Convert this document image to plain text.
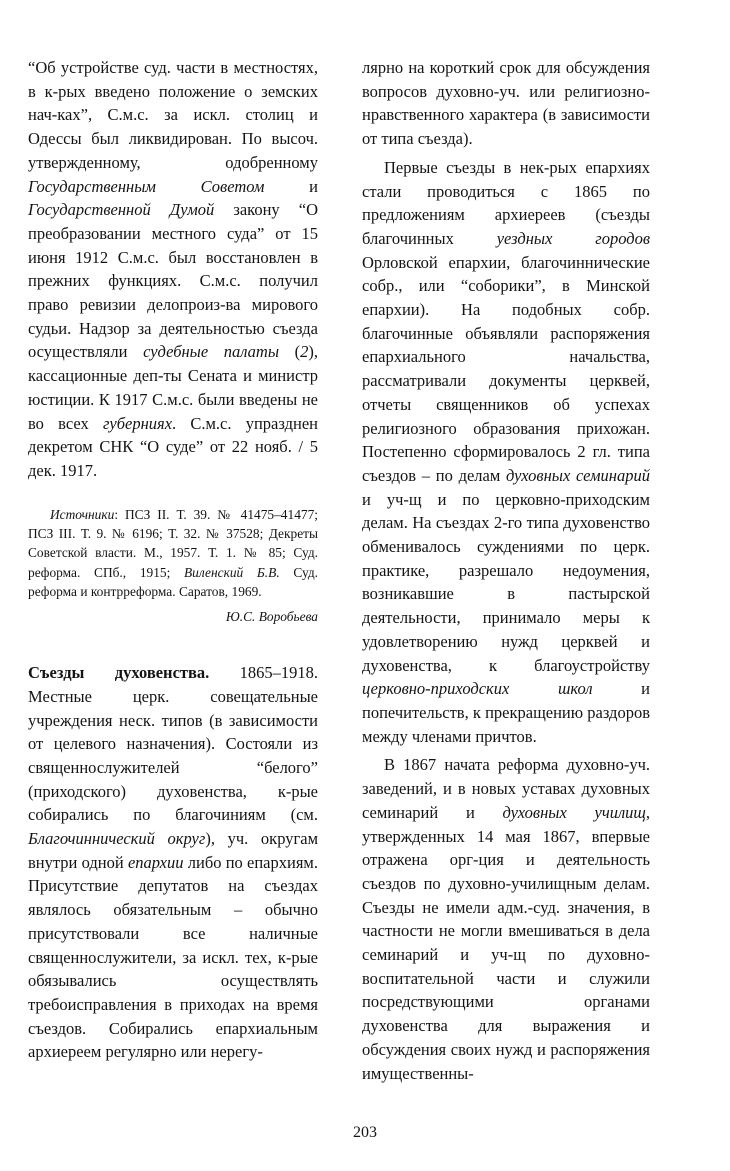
“Об устройстве суд. части в местностях, в к-рых введено положение о земских нач-ках”, С.м.с. за искл. столиц и Одессы был ликвидирован. По высоч. утвержденному, одобренному Государственным Советом и Государственной Думой закону “О преобразовании местного суда” от 15 июня 1912 С.м.с. был восстановлен в прежних функциях. С.м.с. получил право ревизии делопроиз-ва мирового судьи. Надзор за деятельностью съезда осуществляли судебные палаты (2), кассационные деп-ты Сената и министр юстиции. К 1917 С.м.с. были введены не во всех губерниях. С.м.с. упразднен декретом СНК “О суде” от 22 нояб. / 5 дек. 1917.

Источники: ПСЗ II. Т. 39. № 41475–41477; ПСЗ III. Т. 9. № 6196; Т. 32. № 37528; Декреты Советской власти. М., 1957. Т. 1. № 85; Суд. реформа. СПб., 1915; Виленский Б.В. Суд. реформа и контрреформа. Саратов, 1969.

Ю.С. Воробьева

Съезды духовенства. 1865–1918. Местные церк. совещательные учреждения неск. типов (в зависимости от целевого назначения). Состояли из священнослужителей “белого” (приходского) духовенства, к-рые собирались по благочиниям (см. Благочиннический округ), уч. округам внутри одной епархии либо по епархиям. Присутствие депутатов на съездах являлось обязательным – обычно присутствовали все наличные священнослужители, за искл. тех, к-рые обязывались осуществлять требоисправления в приходах на время съездов. Собирались епархиальным архиереем регулярно или нерегу-

лярно на короткий срок для обсуждения вопросов духовно-уч. или религиозно-нравственного характера (в зависимости от типа съезда).

Первые съезды в нек-рых епархиях стали проводиться с 1865 по предложениям архиереев (съезды благочинных уездных городов Орловской епархии, благочиннические собр., или “соборики”, в Минской епархии). На подобных собр. благочинные объявляли распоряжения епархиального начальства, рассматривали документы церквей, отчеты священников об успехах религиозного образования прихожан. Постепенно сформировалось 2 гл. типа съездов – по делам духовных семинарий и уч-щ и по церковно-приходским делам. На съездах 2-го типа духовенство обменивалось суждениями по церк. практике, разрешало недоумения, возникавшие в пастырской деятельности, принимало меры к удовлетворению нужд церквей и духовенства, к благоустройству церковно-приходских школ и попечительств, к прекращению раздоров между членами причтов.

В 1867 начата реформа духовно-уч. заведений, и в новых уставах духовных семинарий и духовных училищ, утвержденных 14 мая 1867, впервые отражена орг-ция и деятельность съездов по духовно-училищным делам. Съезды не имели адм.-суд. значения, в частности не могли вмешиваться в дела семинарий и уч-щ по духовно-воспитательной части и служили посредствующими органами духовенства для выражения и обсуждения своих нужд и распоряжения имущественны-

203
